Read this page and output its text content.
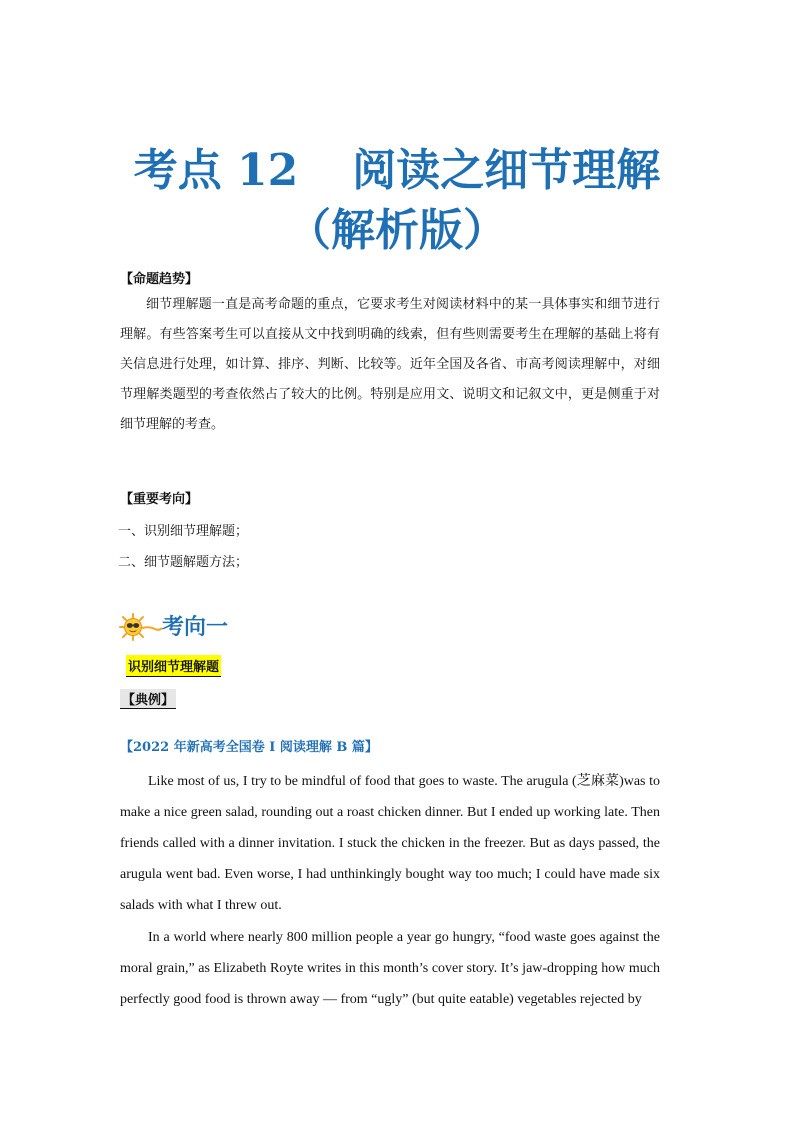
考点 12 阅读之细节理解
（解析版）
【命题趋势】

细节理解题一直是高考命题的重点，它要求考生对阅读材料中的某一具体事实和细节进行理解。有些答案考生可以直接从文中找到明确的线索，但有些则需要考生在理解的基础上将有关信息进行处理，如计算、排序、判断、比较等。近年全国及各省、市高考阅读理解中，对细节理解类题型的考查依然占了较大的比例。特别是应用文、说明文和记叙文中，更是侧重于对细节理解的考查。

【重要考向】
一、识别细节理解题；
二、细节题解题方法；
考向一
识别细节理解题
【典例】
【2022 年新高考全国卷 I 阅读理解 B 篇】

Like most of us, I try to be mindful of food that goes to waste. The arugula (芝麻菜)was to make a nice green salad, rounding out a roast chicken dinner. But I ended up working late. Then friends called with a dinner invitation. I stuck the chicken in the freezer. But as days passed, the arugula went bad. Even worse, I had unthinkingly bought way too much; I could have made six salads with what I threw out.

In a world where nearly 800 million people a year go hungry, “food waste goes against the moral grain,” as Elizabeth Royte writes in this month’s cover story. It’s jaw-dropping how much perfectly good food is thrown away — from “ugly” (but quite eatable) vegetables rejected by
